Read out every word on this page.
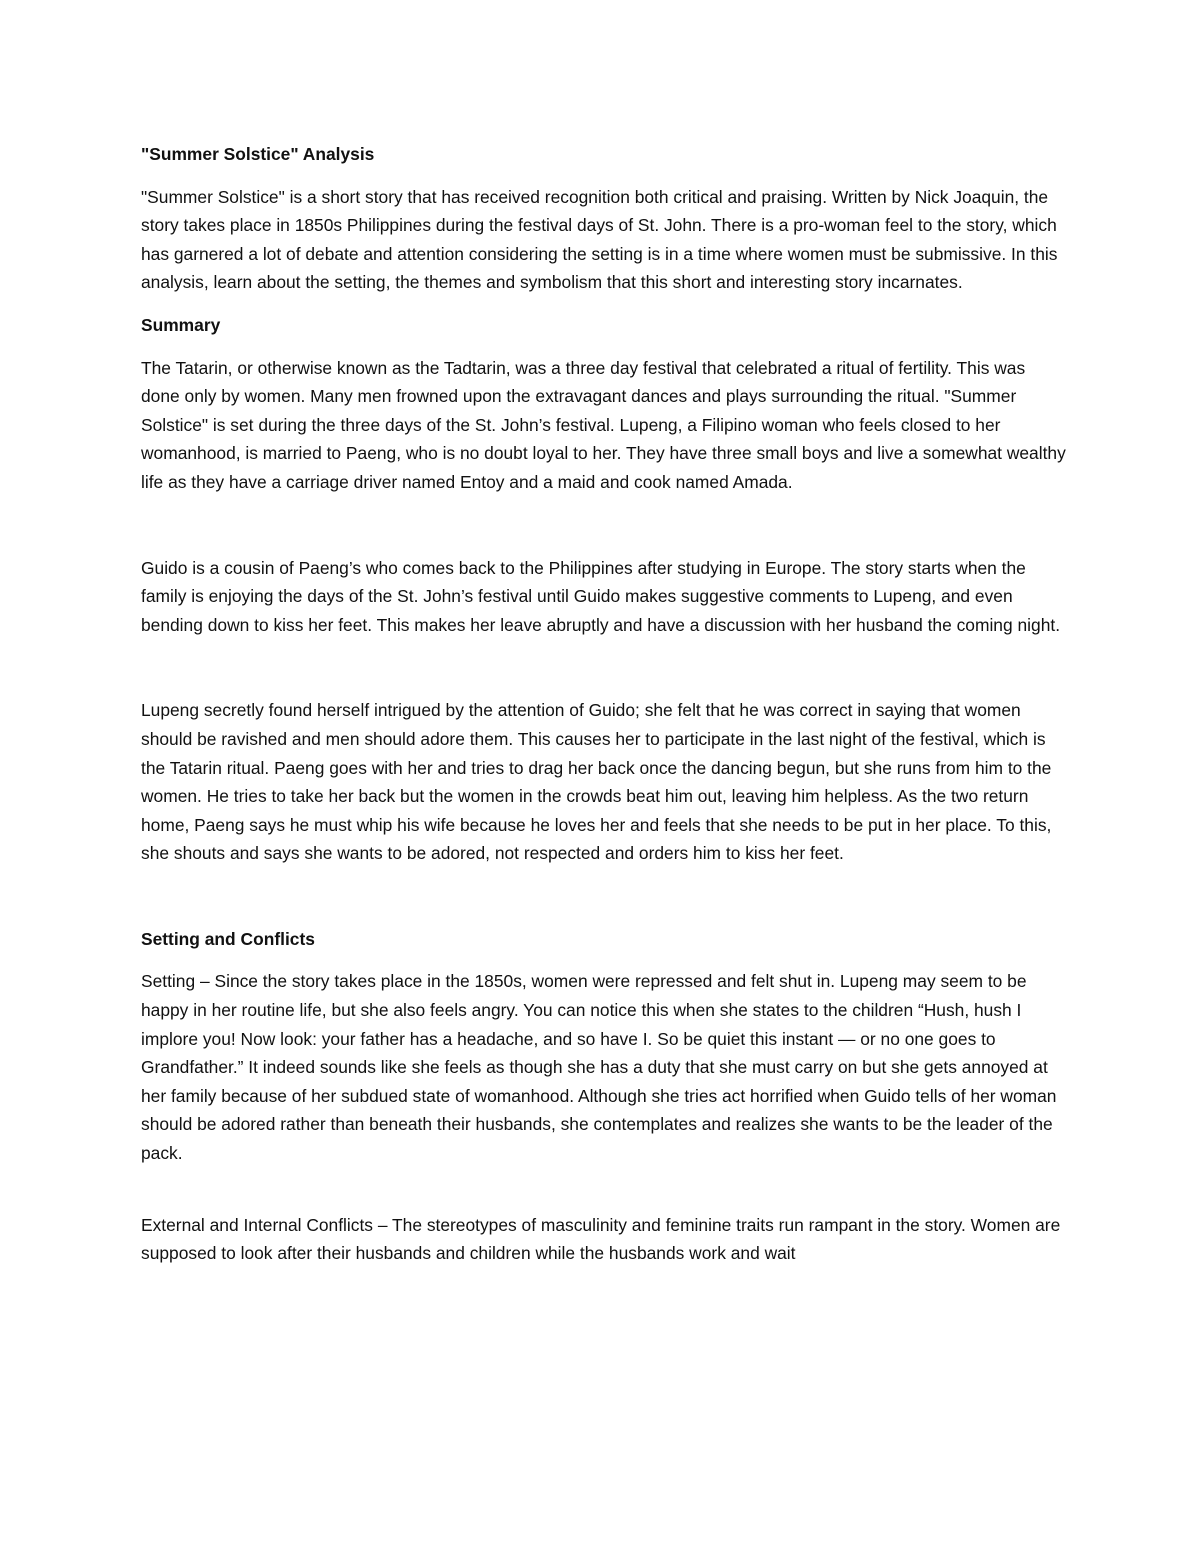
"Summer Solstice" Analysis

"Summer Solstice" is a short story that has received recognition both critical and praising. Written by Nick Joaquin, the story takes place in 1850s Philippines during the festival days of St. John. There is a pro-woman feel to the story, which has garnered a lot of debate and attention considering the setting is in a time where women must be submissive. In this analysis, learn about the setting, the themes and symbolism that this short and interesting story incarnates.

Summary

The Tatarin, or otherwise known as the Tadtarin, was a three day festival that celebrated a ritual of fertility. This was done only by women. Many men frowned upon the extravagant dances and plays surrounding the ritual. "Summer Solstice" is set during the three days of the St. John’s festival. Lupeng, a Filipino woman who feels closed to her womanhood, is married to Paeng, who is no doubt loyal to her. They have three small boys and live a somewhat wealthy life as they have a carriage driver named Entoy and a maid and cook named Amada.

Guido is a cousin of Paeng’s who comes back to the Philippines after studying in Europe. The story starts when the family is enjoying the days of the St. John’s festival until Guido makes suggestive comments to Lupeng, and even bending down to kiss her feet. This makes her leave abruptly and have a discussion with her husband the coming night.

Lupeng secretly found herself intrigued by the attention of Guido; she felt that he was correct in saying that women should be ravished and men should adore them. This causes her to participate in the last night of the festival, which is the Tatarin ritual. Paeng goes with her and tries to drag her back once the dancing begun, but she runs from him to the women. He tries to take her back but the women in the crowds beat him out, leaving him helpless. As the two return home, Paeng says he must whip his wife because he loves her and feels that she needs to be put in her place. To this, she shouts and says she wants to be adored, not respected and orders him to kiss her feet.

Setting and Conflicts

Setting – Since the story takes place in the 1850s, women were repressed and felt shut in. Lupeng may seem to be happy in her routine life, but she also feels angry. You can notice this when she states to the children “Hush, hush I implore you! Now look: your father has a headache, and so have I. So be quiet this instant — or no one goes to Grandfather.” It indeed sounds like she feels as though she has a duty that she must carry on but she gets annoyed at her family because of her subdued state of womanhood. Although she tries act horrified when Guido tells of her woman should be adored rather than beneath their husbands, she contemplates and realizes she wants to be the leader of the pack.

External and Internal Conflicts – The stereotypes of masculinity and feminine traits run rampant in the story. Women are supposed to look after their husbands and children while the husbands work and wait
